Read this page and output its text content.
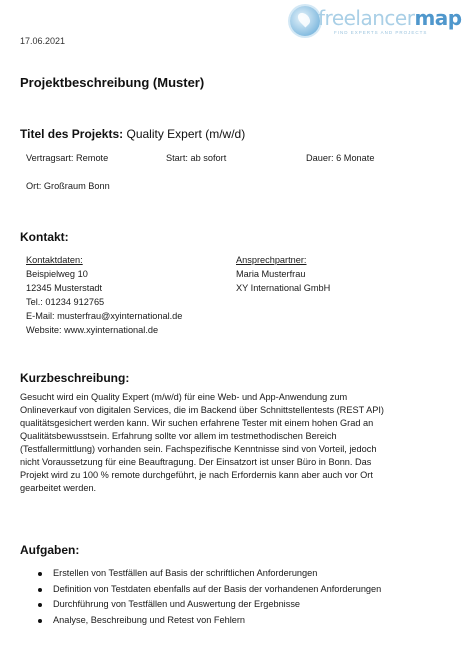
17.06.2021
freelancermap
FIND EXPERTS AND PROJECTS
Projektbeschreibung (Muster)
Titel des Projekts: Quality Expert (m/w/d)
Vertragsart: Remote	Start: ab sofort	Dauer: 6 Monate
Ort: Großraum Bonn
Kontakt:
Kontaktdaten:
Beispielweg 10
12345 Musterstadt
Tel.: 01234 912765
E-Mail: musterfrau@xyinternational.de
Website: www.xyinternational.de
Ansprechpartner:
Maria Musterfrau
XY International GmbH
Kurzbeschreibung:
Gesucht wird ein Quality Expert (m/w/d) für eine Web- und App-Anwendung zum
Onlineverkauf von digitalen Services, die im Backend über Schnittstellentests (REST API)
qualitätsgesichert werden kann. Wir suchen erfahrene Tester mit einem hohen Grad an
Qualitätsbewusstsein. Erfahrung sollte vor allem im testmethodischen Bereich
(Testfallermittlung) vorhanden sein. Fachspezifische Kenntnisse sind von Vorteil, jedoch
nicht Voraussetzung für eine Beauftragung. Der Einsatzort ist unser Büro in Bonn. Das
Projekt wird zu 100 % remote durchgeführt, je nach Erfordernis kann aber auch vor Ort
gearbeitet werden.
Aufgaben:
Erstellen von Testfällen auf Basis der schriftlichen Anforderungen
Definition von Testdaten ebenfalls auf der Basis der vorhandenen Anforderungen
Durchführung von Testfällen und Auswertung der Ergebnisse
Analyse, Beschreibung und Retest von Fehlern
